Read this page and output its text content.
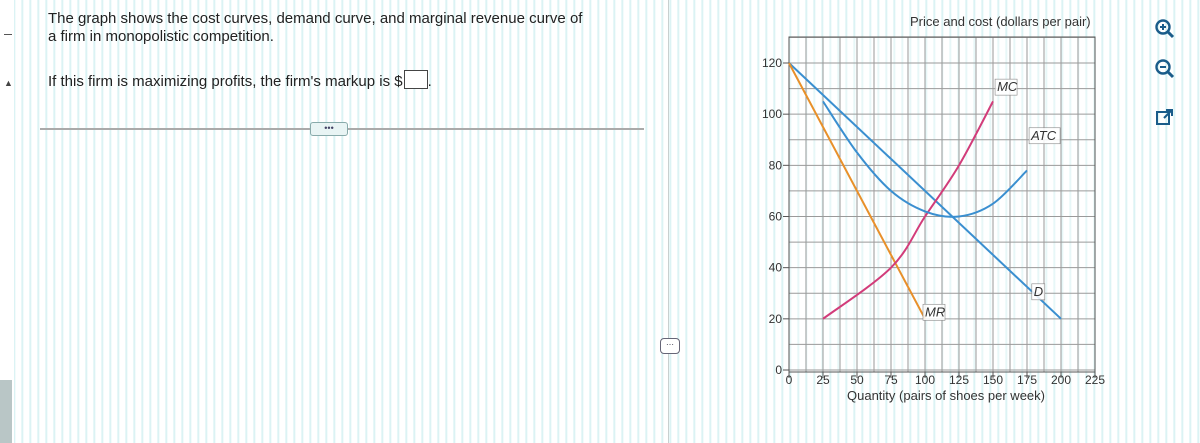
▲

The graph shows the cost curves, demand curve, and marginal revenue curve of

a firm in monopolistic competition.

If this firm is maximizing profits, the firm's markup is $ .
•••
⋯
0
20
40
60
80
100
120
0 25 50 75 100 125 150 175 200 225
Price and cost (dollars per pair)
Quantity (pairs of shoes per week)
MC
ATC
D
MR
